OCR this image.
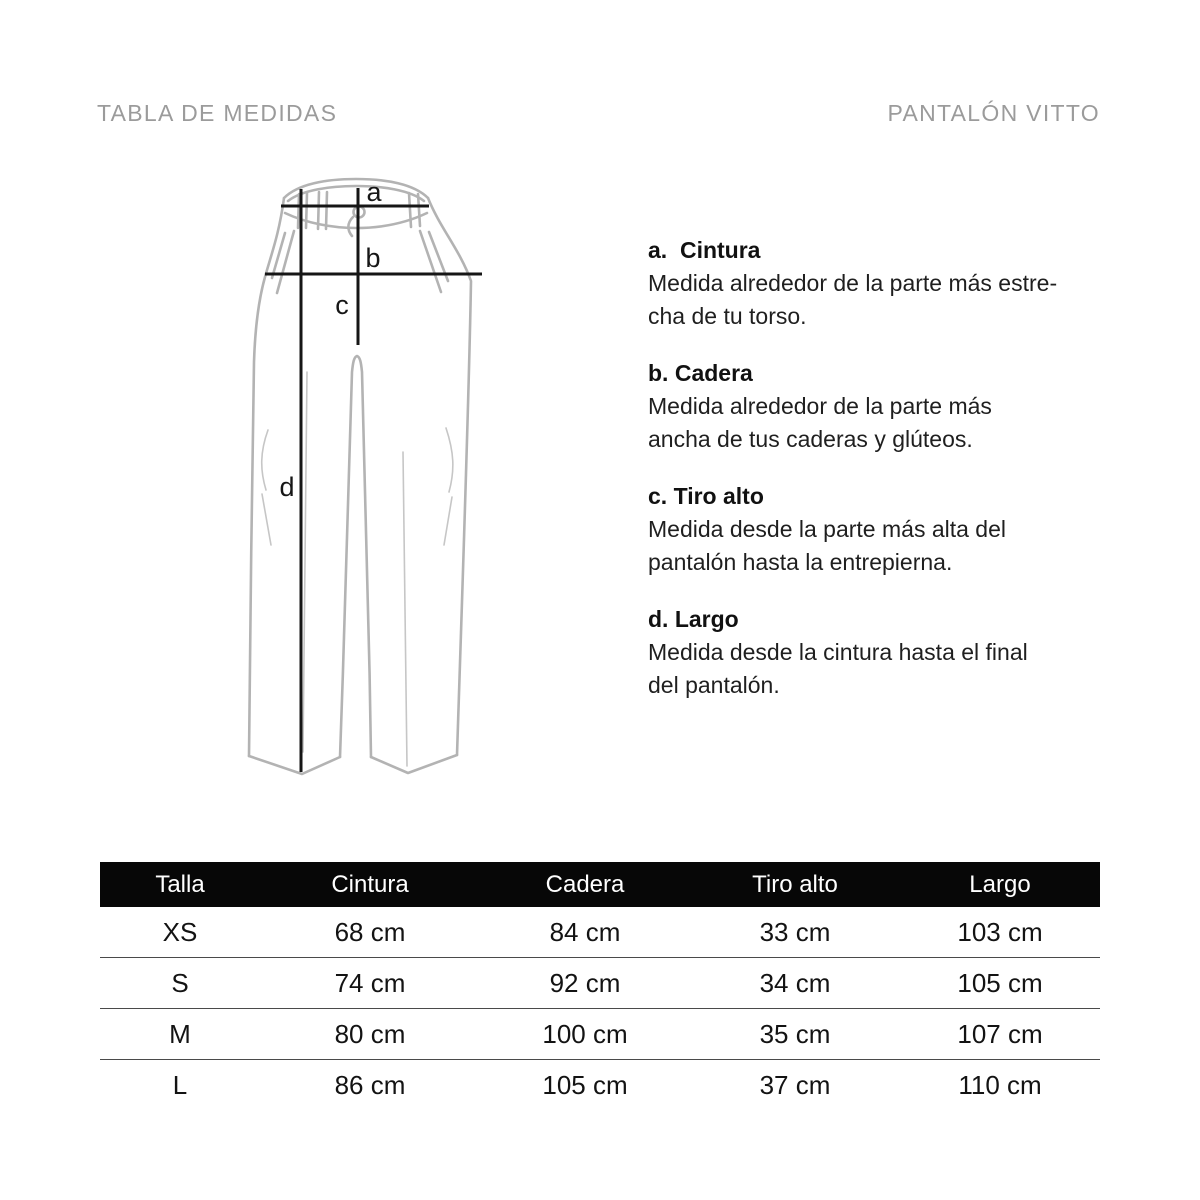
TABLA DE MEDIDAS	PANTALÓN VITTO
a
b
c
d
a.  Cintura
Medida alrededor de la parte más estre-
cha de tu torso.
b. Cadera
Medida alrededor de la parte más
ancha de tus caderas y glúteos.
c. Tiro alto
Medida desde la parte más alta del
pantalón hasta la entrepierna.
d. Largo
Medida desde la cintura hasta el final
del pantalón.
Talla	Cintura	Cadera	Tiro alto	Largo
XS	68 cm	84 cm	33 cm	103 cm
S	74 cm	92 cm	34 cm	105 cm
M	80 cm	100 cm	35 cm	107 cm
L	86 cm	105 cm	37 cm	110 cm
